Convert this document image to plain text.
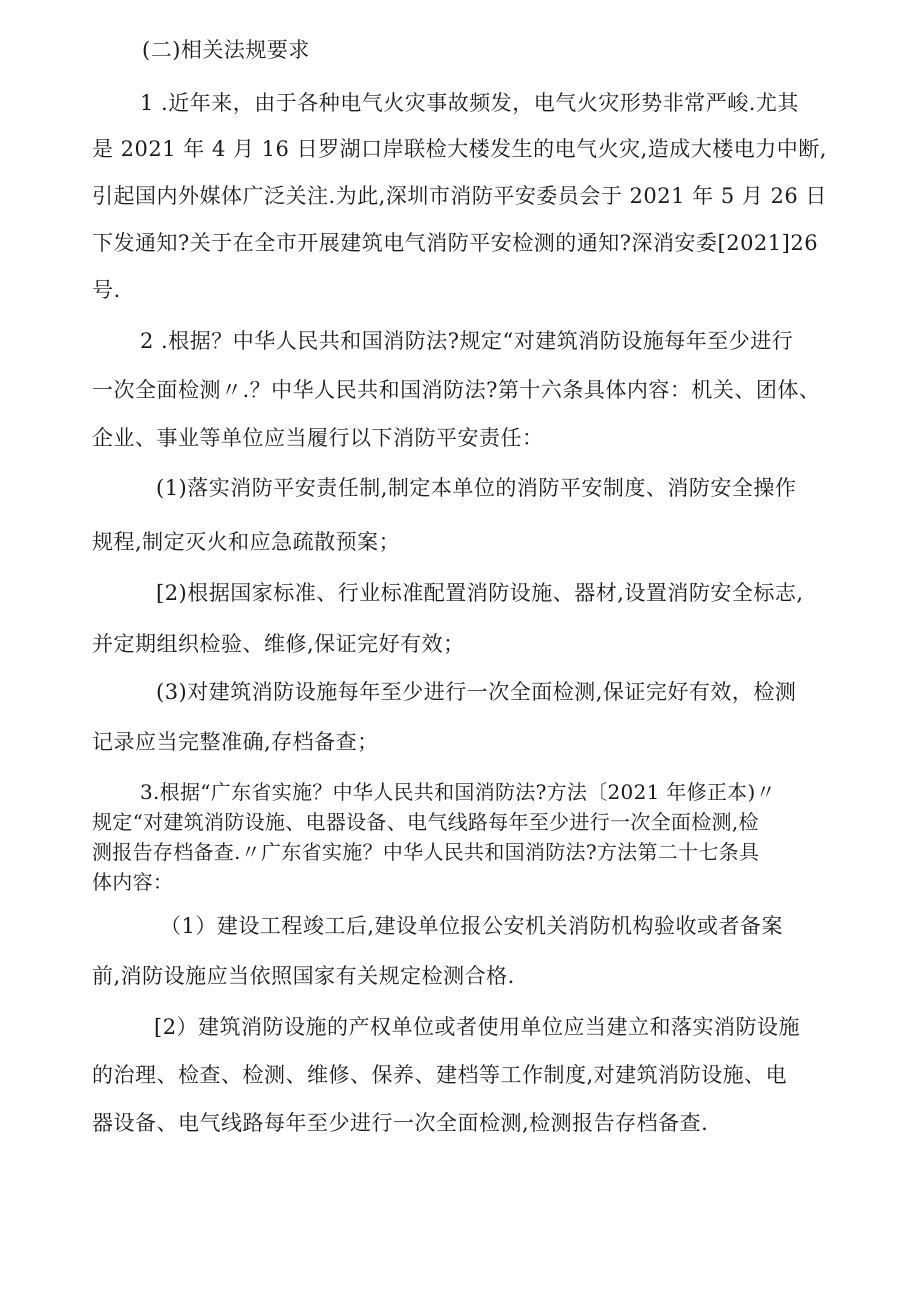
(二)相关法规要求
1 .近年来，由于各种电气火灾事故频发，电气火灾形势非常严峻.尤其
是 2021 年 4 月 16 日罗湖口岸联检大楼发生的电气火灾,造成大楼电力中断,
引起国内外媒体广泛关注.为此,深圳市消防平安委员会于 2021 年 5 月 26 日
下发通知?关于在全市开展建筑电气消防平安检测的通知?深消安委[2021]26
号.
2 .根据？中华人民共和国消防法?规定“对建筑消防设施每年至少进行
一次全面检测〃.？中华人民共和国消防法?第十六条具体内容：机关、团体、
企业、事业等单位应当履行以下消防平安责任：
(1)落实消防平安责任制,制定本单位的消防平安制度、消防安全操作
规程,制定灭火和应急疏散预案；
[2)根据国家标准、行业标准配置消防设施、器材,设置消防安全标志,
并定期组织检验、维修,保证完好有效；
(3)对建筑消防设施每年至少进行一次全面检测,保证完好有效，检测
记录应当完整准确,存档备查；
3.根据“广东省实施？中华人民共和国消防法?方法〔2021 年修正本)〃
规定“对建筑消防设施、电器设备、电气线路每年至少进行一次全面检测,检
测报告存档备查.〃广东省实施？中华人民共和国消防法?方法第二十七条具
体内容：
（1）建设工程竣工后,建设单位报公安机关消防机构验收或者备案
前,消防设施应当依照国家有关规定检测合格.
[2）建筑消防设施的产权单位或者使用单位应当建立和落实消防设施
的治理、检查、检测、维修、保养、建档等工作制度,对建筑消防设施、电
器设备、电气线路每年至少进行一次全面检测,检测报告存档备查.
